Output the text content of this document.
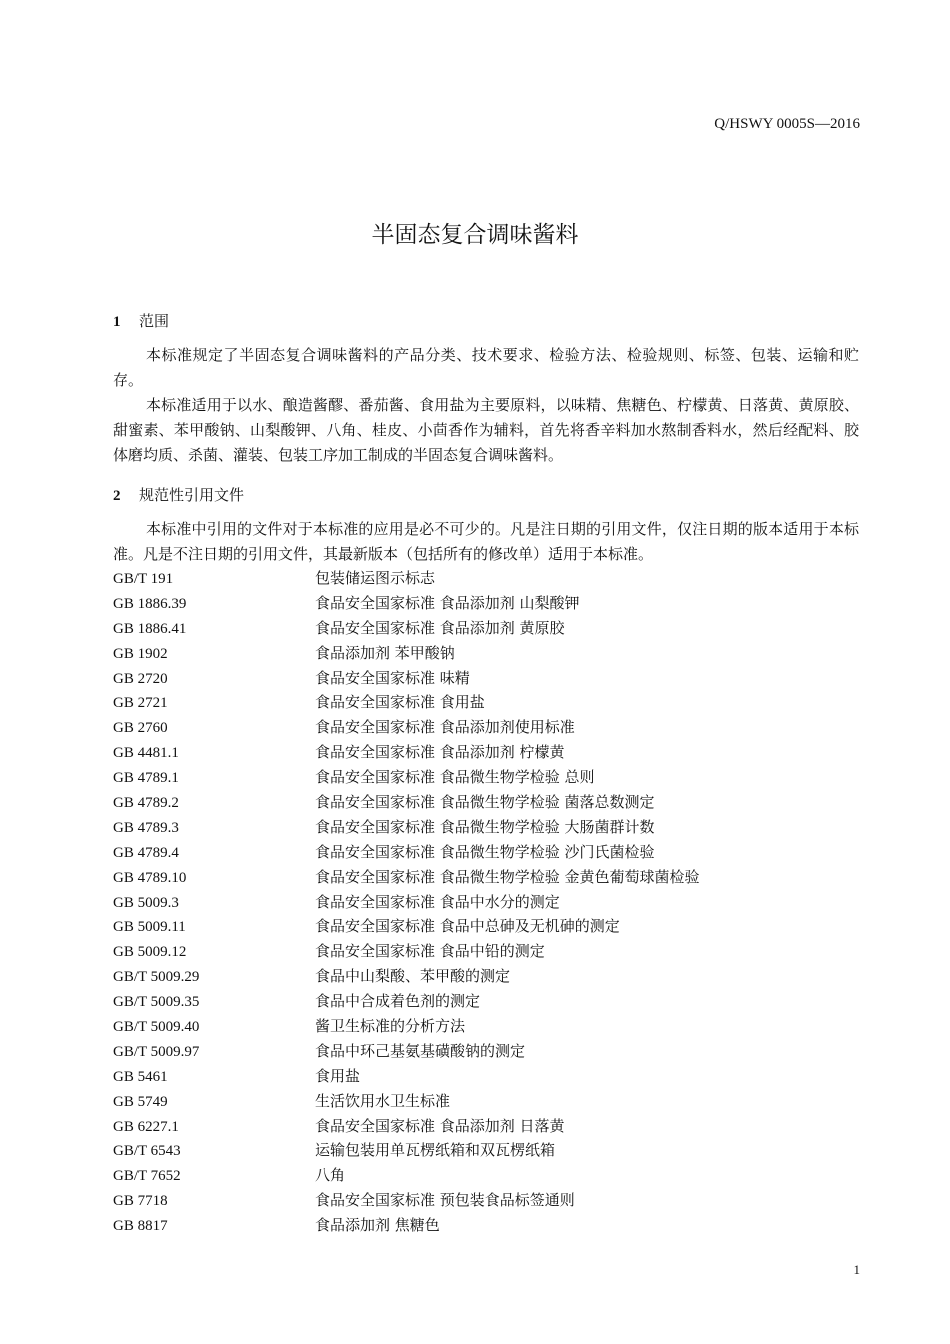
Q/HSWY 0005S—2016
半固态复合调味酱料
1 范围

本标准规定了半固态复合调味酱料的产品分类、技术要求、检验方法、检验规则、标签、包装、运输和贮存。

本标准适用于以水、酿造酱醪、番茄酱、食用盐为主要原料，以味精、焦糖色、柠檬黄、日落黄、黄原胶、甜蜜素、苯甲酸钠、山梨酸钾、八角、桂皮、小茴香作为辅料，首先将香辛料加水熬制香料水，然后经配料、胶体磨均质、杀菌、灌装、包装工序加工制成的半固态复合调味酱料。

2 规范性引用文件

本标准中引用的文件对于本标准的应用是必不可少的。凡是注日期的引用文件，仅注日期的版本适用于本标准。凡是不注日期的引用文件，其最新版本（包括所有的修改单）适用于本标准。

GB/T 191	包装储运图示标志
GB 1886.39	食品安全国家标准 食品添加剂 山梨酸钾
GB 1886.41	食品安全国家标准 食品添加剂 黄原胶
GB 1902	食品添加剂 苯甲酸钠
GB 2720	食品安全国家标准 味精
GB 2721	食品安全国家标准 食用盐
GB 2760	食品安全国家标准 食品添加剂使用标准
GB 4481.1	食品安全国家标准 食品添加剂 柠檬黄
GB 4789.1	食品安全国家标准 食品微生物学检验 总则
GB 4789.2	食品安全国家标准 食品微生物学检验 菌落总数测定
GB 4789.3	食品安全国家标准 食品微生物学检验 大肠菌群计数
GB 4789.4	食品安全国家标准 食品微生物学检验 沙门氏菌检验
GB 4789.10	食品安全国家标准 食品微生物学检验 金黄色葡萄球菌检验
GB 5009.3	食品安全国家标准 食品中水分的测定
GB 5009.11	食品安全国家标准 食品中总砷及无机砷的测定
GB 5009.12	食品安全国家标准 食品中铅的测定
GB/T 5009.29	食品中山梨酸、苯甲酸的测定
GB/T 5009.35	食品中合成着色剂的测定
GB/T 5009.40	酱卫生标准的分析方法
GB/T 5009.97	食品中环己基氨基磺酸钠的测定
GB 5461	食用盐
GB 5749	生活饮用水卫生标准
GB 6227.1	食品安全国家标准 食品添加剂 日落黄
GB/T 6543	运输包装用单瓦楞纸箱和双瓦楞纸箱
GB/T 7652	八角
GB 7718	食品安全国家标准 预包装食品标签通则
GB 8817	食品添加剂 焦糖色
1
